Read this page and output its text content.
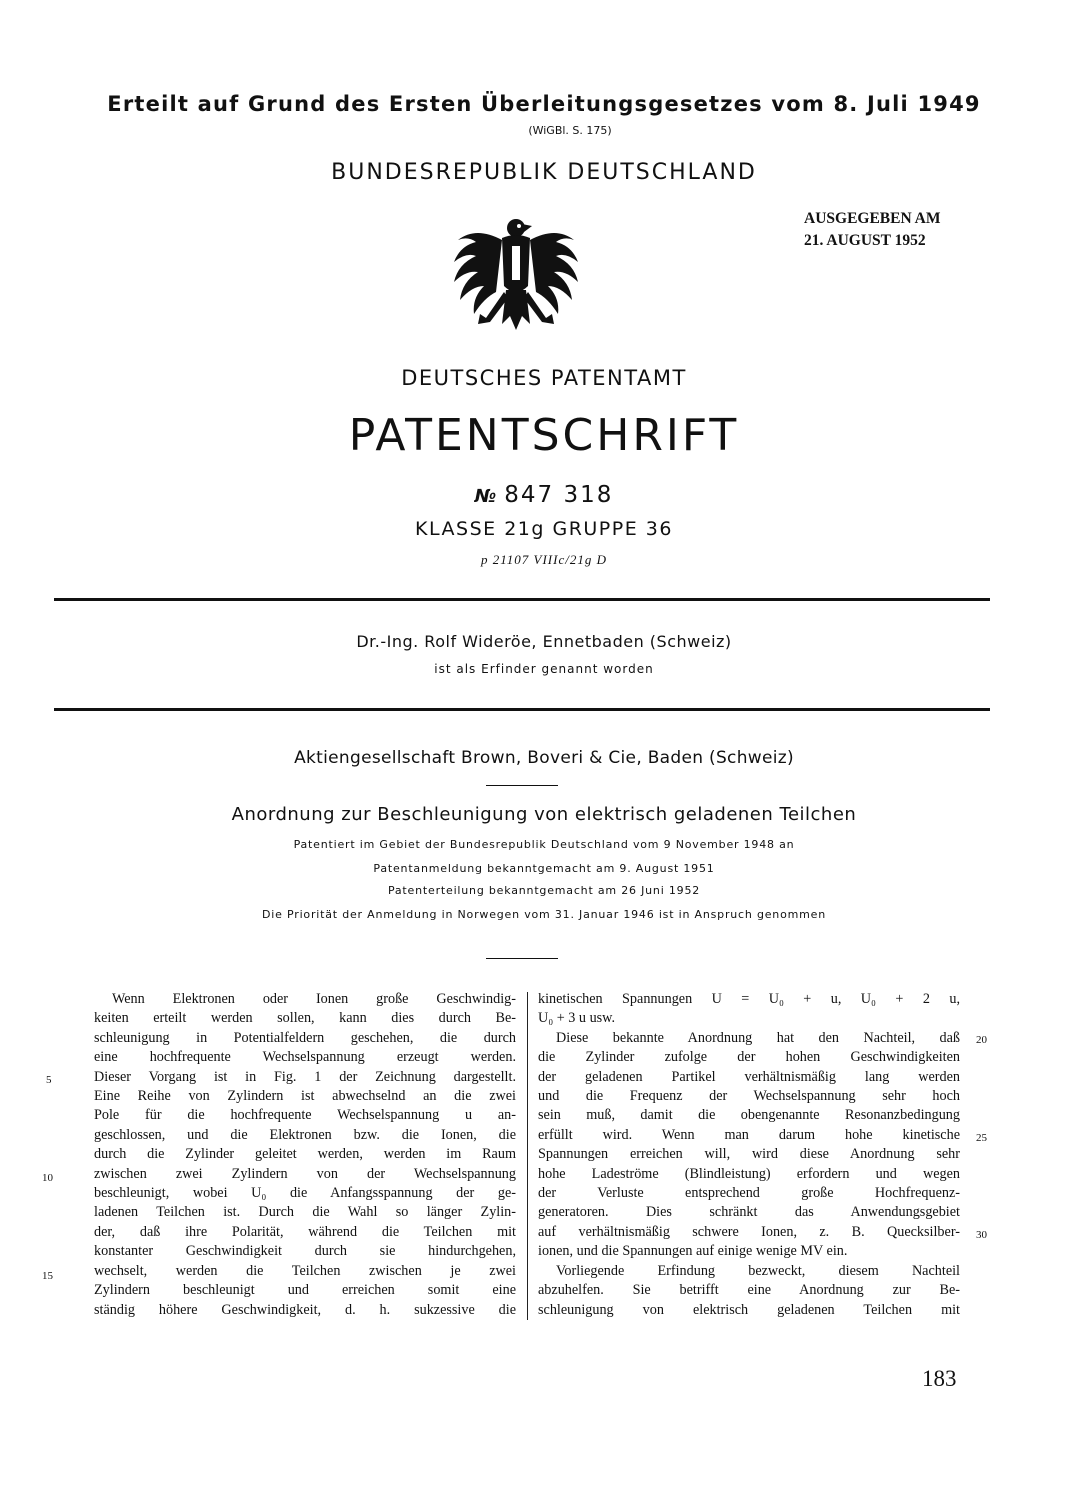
Erteilt auf Grund des Ersten Überleitungsgesetzes vom 8. Juli 1949
(WiGBl. S. 175)
BUNDESREPUBLIK DEUTSCHLAND
AUSGEGEBEN AM
21. AUGUST 1952
DEUTSCHES PATENTAMT
PATENTSCHRIFT
№ 847 318
KLASSE 21g GRUPPE 36
p 21107 VIIIc/21g D
Dr.-Ing. Rolf Wideröe, Ennetbaden (Schweiz)
ist als Erfinder genannt worden
Aktiengesellschaft Brown, Boveri & Cie, Baden (Schweiz)
Anordnung zur Beschleunigung von elektrisch geladenen Teilchen
Patentiert im Gebiet der Bundesrepublik Deutschland vom 9 November 1948 an
Patentanmeldung bekanntgemacht am 9. August 1951
Patenterteilung bekanntgemacht am 26 Juni 1952
Die Priorität der Anmeldung in Norwegen vom 31. Januar 1946 ist in Anspruch genommen
Wenn Elektronen oder Ionen große Geschwindig-
keiten erteilt werden sollen, kann dies durch Be-
schleunigung in Potentialfeldern geschehen, die durch
eine hochfrequente Wechselspannung erzeugt werden.
Dieser Vorgang ist in Fig. 1 der Zeichnung dargestellt.
Eine Reihe von Zylindern ist abwechselnd an die zwei
Pole für die hochfrequente Wechselspannung u an-
geschlossen, und die Elektronen bzw. die Ionen, die
durch die Zylinder geleitet werden, werden im Raum
zwischen zwei Zylindern von der Wechselspannung
beschleunigt, wobei U₀ die Anfangsspannung der ge-
ladenen Teilchen ist. Durch die Wahl so länger Zylin-
der, daß ihre Polarität, während die Teilchen mit
konstanter Geschwindigkeit durch sie hindurchgehen,
wechselt, werden die Teilchen zwischen je zwei
Zylindern beschleunigt und erreichen somit eine
ständig höhere Geschwindigkeit, d. h. sukzessive die
kinetischen Spannungen U = U₀ + u, U₀ + 2 u,
U₀ + 3 u usw.
Diese bekannte Anordnung hat den Nachteil, daß
die Zylinder zufolge der hohen Geschwindigkeiten
der geladenen Partikel verhältnismäßig lang werden
und die Frequenz der Wechselspannung sehr hoch
sein muß, damit die obengenannte Resonanzbedingung
erfüllt wird. Wenn man darum hohe kinetische
Spannungen erreichen will, wird diese Anordnung sehr
hohe Ladeströme (Blindleistung) erfordern und wegen
der Verluste entsprechend große Hochfrequenz-
generatoren. Dies schränkt das Anwendungsgebiet
auf verhältnismäßig schwere Ionen, z. B. Quecksilber-
ionen, und die Spannungen auf einige wenige MV ein.
Vorliegende Erfindung bezweckt, diesem Nachteil
abzuhelfen. Sie betrifft eine Anordnung zur Be-
schleunigung von elektrisch geladenen Teilchen mit
5
10
15
20
25
30
183
